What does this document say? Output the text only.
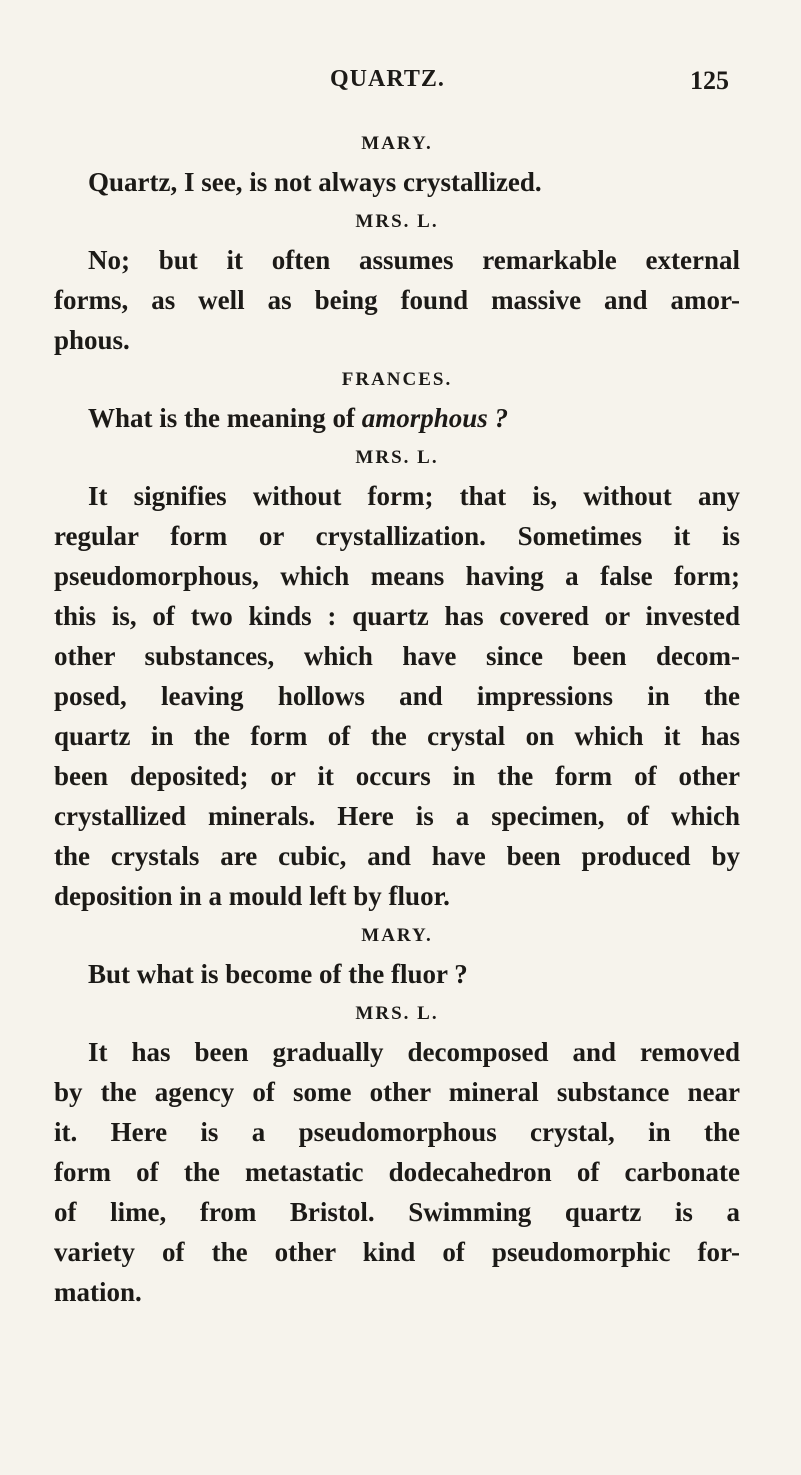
QUARTZ.	125
MARY.
Quartz, I see, is not always crystallized.
MRS. L.
No; but it often assumes remarkable external
forms, as well as being found massive and amor-
phous.
FRANCES.
What is the meaning of amorphous ?
MRS. L.
It signifies without form; that is, without any
regular form or crystallization. Sometimes it is
pseudomorphous, which means having a false form;
this is, of two kinds : quartz has covered or invested
other substances, which have since been decom-
posed, leaving hollows and impressions in the
quartz in the form of the crystal on which it has
been deposited; or it occurs in the form of other
crystallized minerals. Here is a specimen, of which
the crystals are cubic, and have been produced by
deposition in a mould left by fluor.
MARY.
But what is become of the fluor ?
MRS. L.
It has been gradually decomposed and removed
by the agency of some other mineral substance near
it. Here is a pseudomorphous crystal, in the
form of the metastatic dodecahedron of carbonate
of lime, from Bristol. Swimming quartz is a
variety of the other kind of pseudomorphic for-
mation.
